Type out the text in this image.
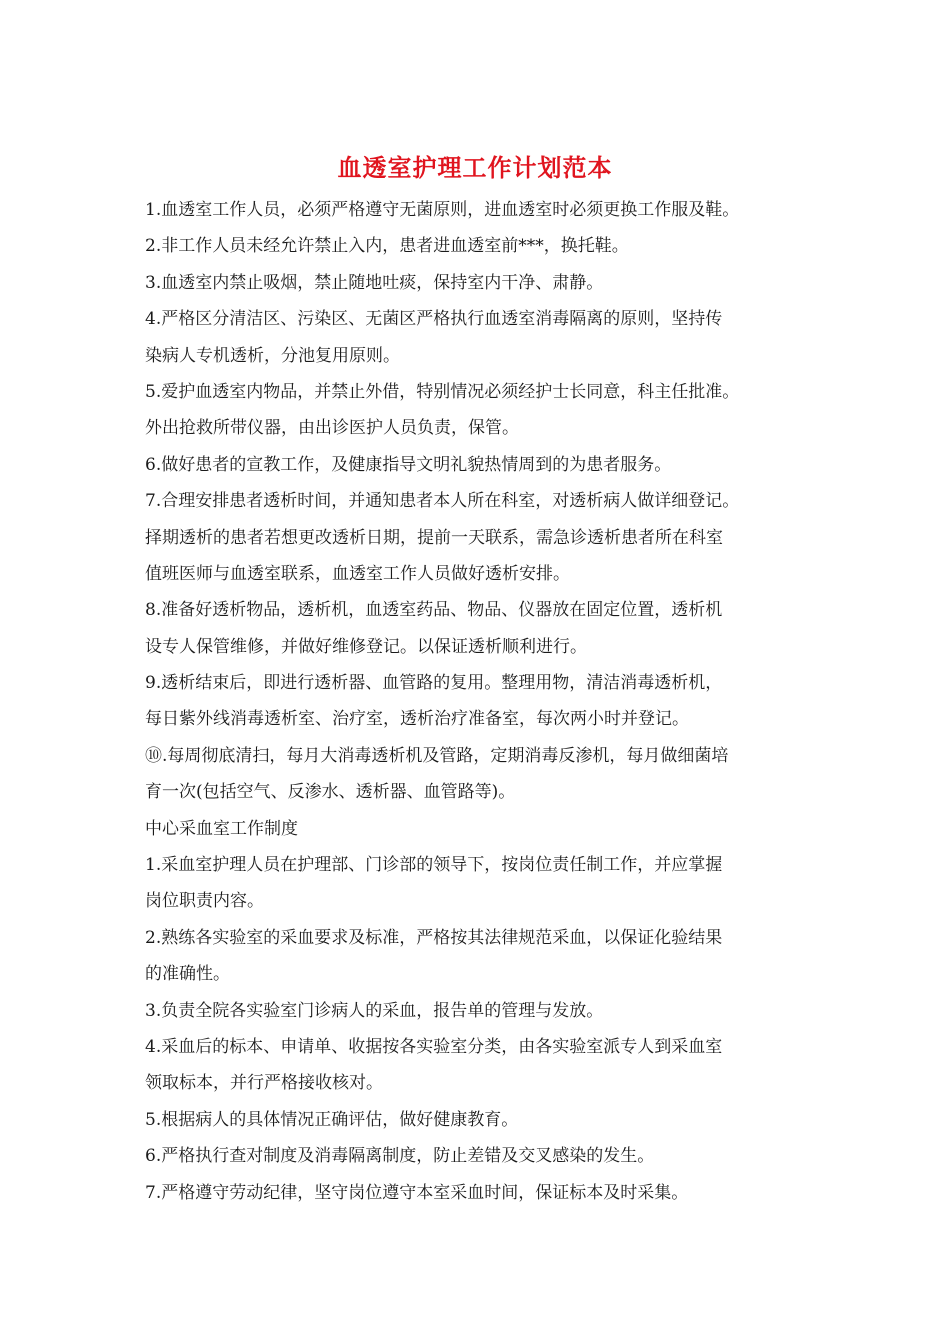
血透室护理工作计划范本

1.血透室工作人员，必须严格遵守无菌原则，进血透室时必须更换工作服及鞋。

2.非工作人员未经允许禁止入内，患者进血透室前***，换托鞋。

3.血透室内禁止吸烟，禁止随地吐痰，保持室内干净、肃静。

4.严格区分清洁区、污染区、无菌区严格执行血透室消毒隔离的原则，坚持传

染病人专机透析，分池复用原则。

5.爱护血透室内物品，并禁止外借，特别情况必须经护士长同意，科主任批准。

外出抢救所带仪器，由出诊医护人员负责，保管。

6.做好患者的宣教工作，及健康指导文明礼貌热情周到的为患者服务。

7.合理安排患者透析时间，并通知患者本人所在科室，对透析病人做详细登记。

择期透析的患者若想更改透析日期，提前一天联系，需急诊透析患者所在科室

值班医师与血透室联系，血透室工作人员做好透析安排。

8.准备好透析物品，透析机，血透室药品、物品、仪器放在固定位置，透析机

设专人保管维修，并做好维修登记。以保证透析顺利进行。

9.透析结束后，即进行透析器、血管路的复用。整理用物，清洁消毒透析机，

每日紫外线消毒透析室、治疗室，透析治疗准备室，每次两小时并登记。

⑩.每周彻底清扫，每月大消毒透析机及管路，定期消毒反渗机，每月做细菌培

育一次(包括空气、反渗水、透析器、血管路等)。

中心采血室工作制度

1.采血室护理人员在护理部、门诊部的领导下，按岗位责任制工作，并应掌握

岗位职责内容。

2.熟练各实验室的采血要求及标准，严格按其法律规范采血，以保证化验结果

的准确性。

3.负责全院各实验室门诊病人的采血，报告单的管理与发放。

4.采血后的标本、申请单、收据按各实验室分类，由各实验室派专人到采血室

领取标本，并行严格接收核对。

5.根据病人的具体情况正确评估，做好健康教育。

6.严格执行查对制度及消毒隔离制度，防止差错及交叉感染的发生。

7.严格遵守劳动纪律，坚守岗位遵守本室采血时间，保证标本及时采集。
